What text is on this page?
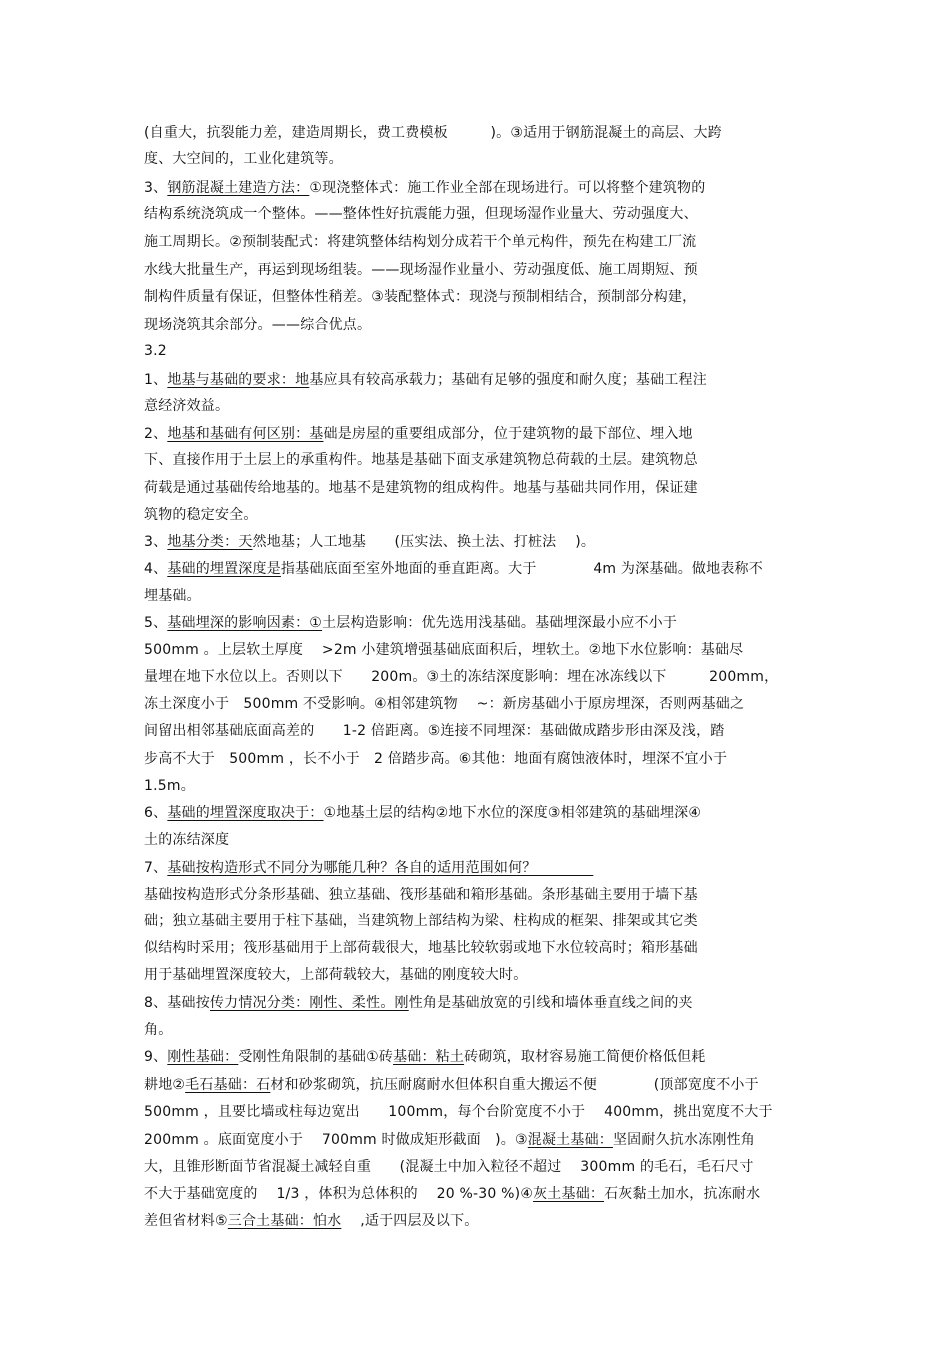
(自重大，抗裂能力差，建造周期长，费工费模板　　　)。③适用于钢筋混凝土的高层、大跨
度、大空间的，工业化建筑等。
3、钢筋混凝土建造方法：①现浇整体式：施工作业全部在现场进行。可以将整个建筑物的
结构系统浇筑成一个整体。——整体性好抗震能力强，但现场湿作业量大、劳动强度大、
施工周期长。②预制装配式：将建筑整体结构划分成若干个单元构件，预先在构建工厂流
水线大批量生产，再运到现场组装。——现场湿作业量小、劳动强度低、施工周期短、预
制构件质量有保证，但整体性稍差。③装配整体式：现浇与预制相结合，预制部分构建，
现场浇筑其余部分。——综合优点。
3.2
1、地基与基础的要求：地基应具有较高承载力；基础有足够的强度和耐久度；基础工程注
意经济效益。
2、地基和基础有何区别：基础是房屋的重要组成部分，位于建筑物的最下部位、埋入地
下、直接作用于土层上的承重构件。地基是基础下面支承建筑物总荷载的土层。建筑物总
荷载是通过基础传给地基的。地基不是建筑物的组成构件。地基与基础共同作用，保证建
筑物的稳定安全。
3、地基分类：天然地基；人工地基　　(压实法、换土法、打桩法　 )。
4、基础的埋置深度是指基础底面至室外地面的垂直距离。大于　　　　4m 为深基础。做地表称不
埋基础。
5、基础埋深的影响因素：①土层构造影响：优先选用浅基础。基础埋深最小应不小于
500mm 。上层软土厚度　 >2m 小建筑增强基础底面积后，埋软土。②地下水位影响：基础尽
量埋在地下水位以上。否则以下　　200m。③土的冻结深度影响：埋在冰冻线以下　　　200mm，
冻土深度小于　500mm 不受影响。④相邻建筑物　 ~：新房基础小于原房埋深，否则两基础之
间留出相邻基础底面高差的　　1-2 倍距离。⑤连接不同埋深：基础做成踏步形由深及浅，踏
步高不大于　500mm ，长不小于　2 倍踏步高。⑥其他：地面有腐蚀液体时，埋深不宜小于
1.5m。
6、基础的埋置深度取决于：①地基土层的结构②地下水位的深度③相邻建筑的基础埋深④
土的冻结深度
7、基础按构造形式不同分为哪能几种？各自的适用范围如何？　　　　
基础按构造形式分条形基础、独立基础、筏形基础和箱形基础。条形基础主要用于墙下基
础；独立基础主要用于柱下基础，当建筑物上部结构为梁、柱构成的框架、排架或其它类
似结构时采用；筏形基础用于上部荷载很大，地基比较软弱或地下水位较高时；箱形基础
用于基础埋置深度较大，上部荷载较大，基础的刚度较大时。
8、基础按传力情况分类：刚性、柔性。刚性角是基础放宽的引线和墙体垂直线之间的夹
角。
9、刚性基础：受刚性角限制的基础①砖基础：粘土砖砌筑，取材容易施工简便价格低但耗
耕地②毛石基础：石材和砂浆砌筑，抗压耐腐耐水但体积自重大搬运不便　　　　(顶部宽度不小于
500mm ，且要比墙或柱每边宽出　　100mm，每个台阶宽度不小于　 400mm，挑出宽度不大于
200mm 。底面宽度小于　 700mm 时做成矩形截面　)。③混凝土基础：坚固耐久抗水冻刚性角
大，且锥形断面节省混凝土减轻自重　　(混凝土中加入粒径不超过　 300mm 的毛石，毛石尺寸
不大于基础宽度的　 1/3 ，体积为总体积的　 20 %-30 %)④灰土基础：石灰黏土加水，抗冻耐水
差但省材料⑤三合土基础：怕水　 ,适于四层及以下。
